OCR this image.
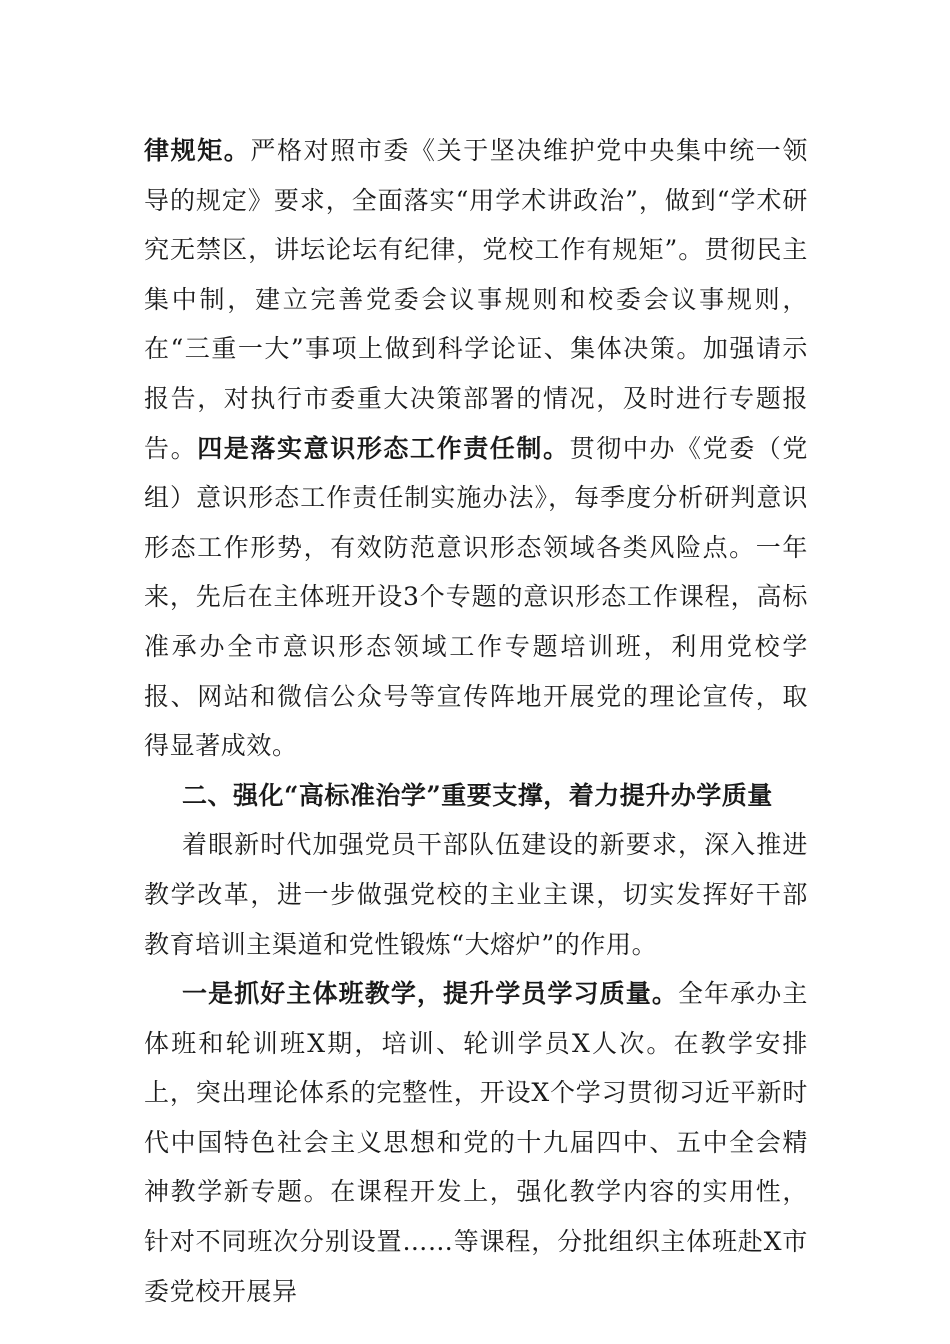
律规矩。严格对照市委《关于坚决维护党中央集中统一领导的规定》要求，全面落实“用学术讲政治”，做到“学术研究无禁区，讲坛论坛有纪律，党校工作有规矩”。贯彻民主集中制，建立完善党委会议事规则和校委会议事规则，在“三重一大”事项上做到科学论证、集体决策。加强请示报告，对执行市委重大决策部署的情况，及时进行专题报告。四是落实意识形态工作责任制。贯彻中办《党委（党组）意识形态工作责任制实施办法》，每季度分析研判意识形态工作形势，有效防范意识形态领域各类风险点。一年来，先后在主体班开设3个专题的意识形态工作课程，高标准承办全市意识形态领域工作专题培训班，利用党校学报、网站和微信公众号等宣传阵地开展党的理论宣传，取得显著成效。

二、强化“高标准治学”重要支撑，着力提升办学质量

着眼新时代加强党员干部队伍建设的新要求，深入推进教学改革，进一步做强党校的主业主课，切实发挥好干部教育培训主渠道和党性锻炼“大熔炉”的作用。

一是抓好主体班教学，提升学员学习质量。全年承办主体班和轮训班X期，培训、轮训学员X人次。在教学安排上，突出理论体系的完整性，开设X个学习贯彻习近平新时代中国特色社会主义思想和党的十九届四中、五中全会精神教学新专题。在课程开发上，强化教学内容的实用性，针对不同班次分别设置……等课程，分批组织主体班赴X市委党校开展异
